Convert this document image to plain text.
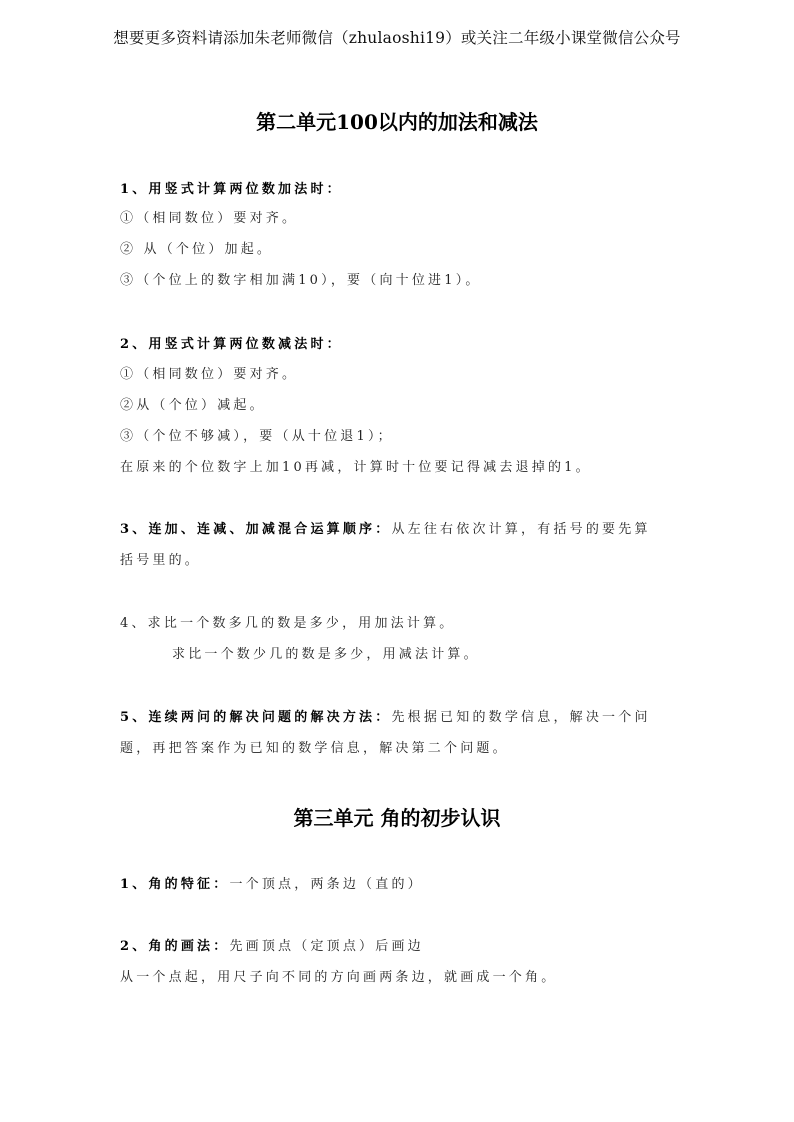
想要更多资料请添加朱老师微信（zhulaoshi19）或关注二年级小课堂微信公众号
第二单元100以内的加法和减法
1、用竖式计算两位数加法时：
①（相同数位）要对齐。
② 从（个位）加起。
③（个位上的数字相加满10），要（向十位进1）。
2、用竖式计算两位数减法时：
①（相同数位）要对齐。
②从（个位）减起。
③（个位不够减），要（从十位退1）；
在原来的个位数字上加10再减，计算时十位要记得减去退掉的1。
3、连加、连减、加减混合运算顺序：从左往右依次计算，有括号的要先算
括号里的。
4、求比一个数多几的数是多少，用加法计算。
求比一个数少几的数是多少，用减法计算。
5、连续两问的解决问题的解决方法：先根据已知的数学信息，解决一个问
题，再把答案作为已知的数学信息，解决第二个问题。
第三单元 角的初步认识
1、角的特征：一个顶点，两条边（直的）
2、角的画法：先画顶点（定顶点）后画边
从一个点起，用尺子向不同的方向画两条边，就画成一个角。
